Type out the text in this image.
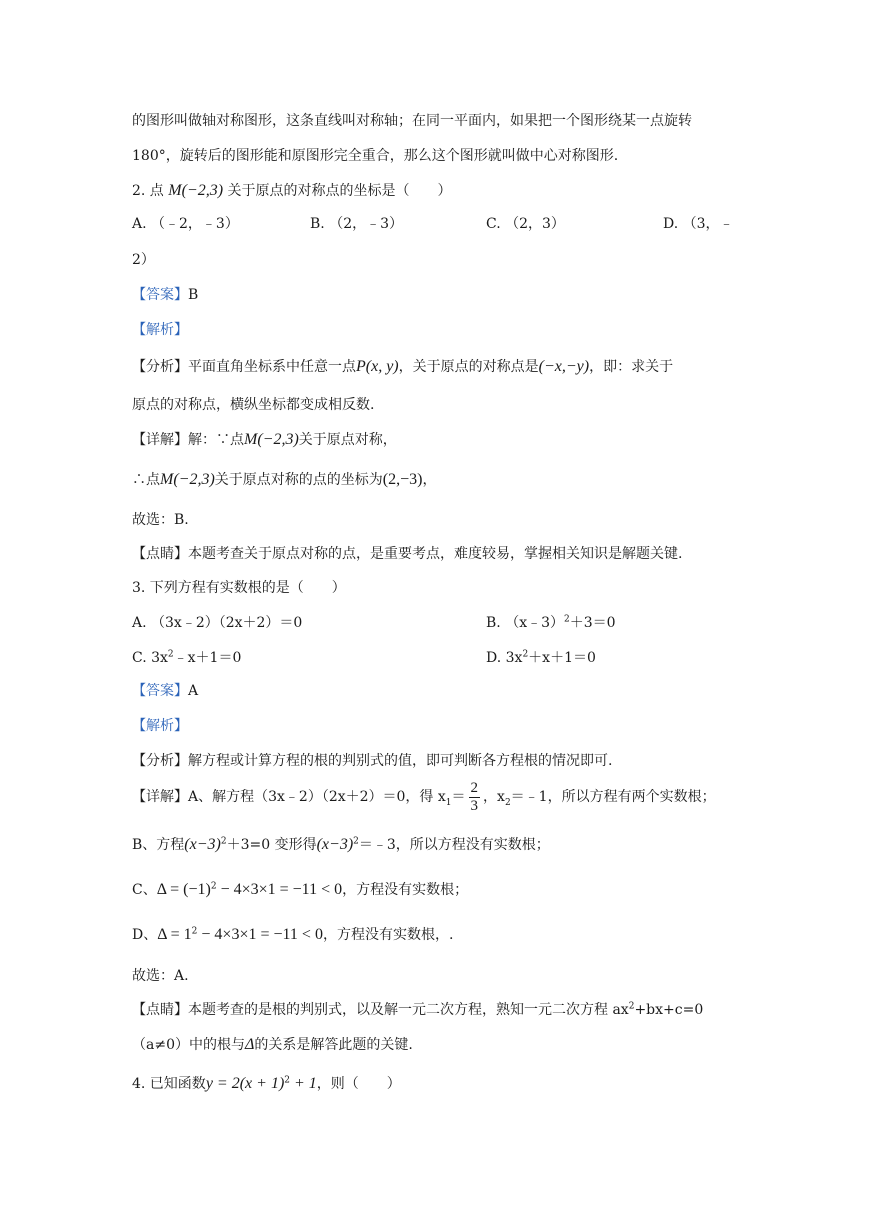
的图形叫做轴对称图形，这条直线叫对称轴；在同一平面内，如果把一个图形绕某一点旋转
180°，旋转后的图形能和原图形完全重合，那么这个图形就叫做中心对称图形.
2. 点 M(−2,3) 关于原点的对称点的坐标是（　　）
A. （﹣2，﹣3）	B. （2，﹣3）	C. （2，3）	D. （3，﹣
2）
【答案】B
【解析】
【分析】平面直角坐标系中任意一点P(x, y)，关于原点的对称点是(−x,−y)，即：求关于
原点的对称点，横纵坐标都变成相反数.
【详解】解：∵点M(−2,3)关于原点对称，
∴点M(−2,3)关于原点对称的点的坐标为(2,−3)，
故选：B.
【点睛】本题考查关于原点对称的点，是重要考点，难度较易，掌握相关知识是解题关键.
3. 下列方程有实数根的是（　　）
A. （3x﹣2）（2x＋2）＝0	B. （x﹣3）$^2$＋3＝0
C. $3x^2﹣x+1=0$	D. $3x^2+x+1=0$
【答案】A
【解析】
【分析】解方程或计算方程的根的判别式的值，即可判断各方程根的情况即可.
【详解】A、解方程（3x﹣2）（2x＋2）＝0，得 $x_1= \frac{2}{3}$ ，$x_2=﹣1$，所以方程有两个实数根；
B、方程$(x-3)^2+3=0$ 变形得$(x-3)^2=﹣3$，所以方程没有实数根；
C、$\Delta = (-1)^2 - 4\times 3\times 1 = -11 < 0$，方程没有实数根；
D、$\Delta = 1^2 - 4\times 3\times 1 = -11 < 0$，方程没有实数根，.
故选：A.
【点睛】本题考查的是根的判别式，以及解一元二次方程，熟知一元二次方程 $ax^2+bx+c=0$
（a≠0）中的根与Δ的关系是解答此题的关键.
4. 已知函数$y = 2(x + 1)^2 + 1$，则（　　）
